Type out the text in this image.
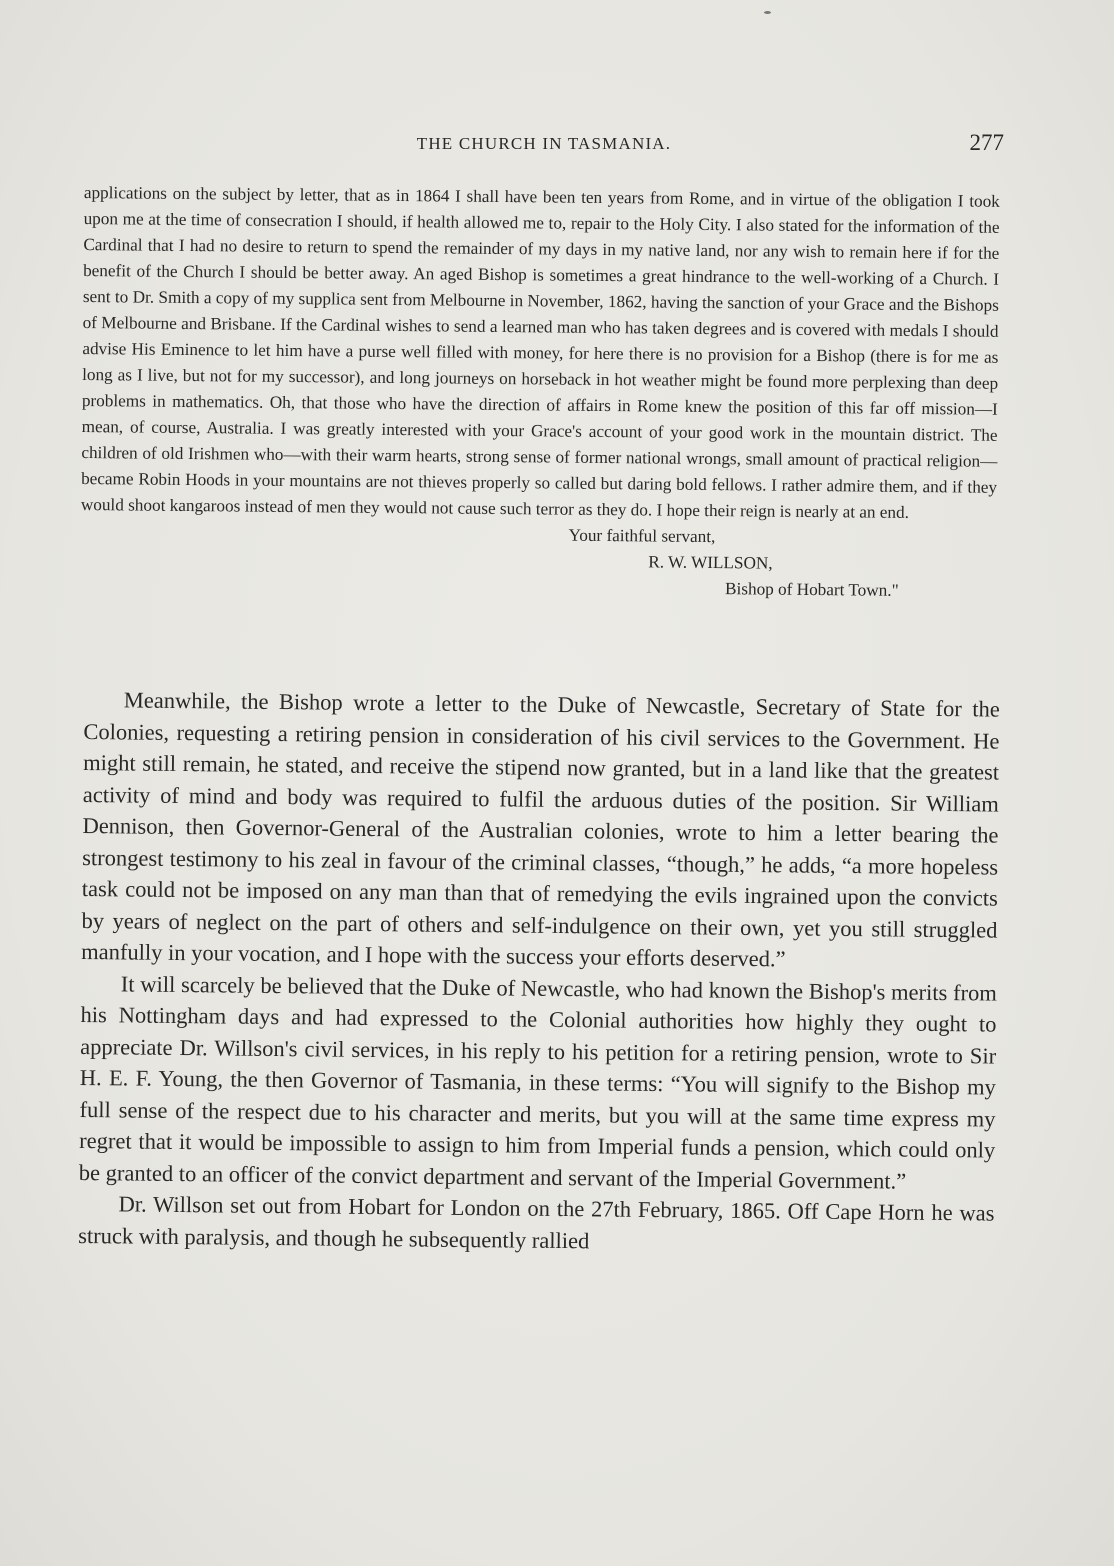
THE CHURCH IN TASMANIA.	277

applications on the subject by letter, that as in 1864 I shall have been ten years from Rome, and in virtue of the obligation I took upon me at the time of consecration I should, if health allowed me to, repair to the Holy City. I also stated for the information of the Cardinal that I had no desire to return to spend the remainder of my days in my native land, nor any wish to remain here if for the benefit of the Church I should be better away. An aged Bishop is sometimes a great hindrance to the well-working of a Church. I sent to Dr. Smith a copy of my supplica sent from Melbourne in November, 1862, having the sanction of your Grace and the Bishops of Melbourne and Brisbane. If the Cardinal wishes to send a learned man who has taken degrees and is covered with medals I should advise His Eminence to let him have a purse well filled with money, for here there is no provision for a Bishop (there is for me as long as I live, but not for my successor), and long journeys on horseback in hot weather might be found more perplexing than deep problems in mathematics. Oh, that those who have the direction of affairs in Rome knew the position of this far off mission—I mean, of course, Australia. I was greatly interested with your Grace's account of your good work in the mountain district. The children of old Irishmen who—with their warm hearts, strong sense of former national wrongs, small amount of practical religion—became Robin Hoods in your mountains are not thieves properly so called but daring bold fellows. I rather admire them, and if they would shoot kangaroos instead of men they would not cause such terror as they do. I hope their reign is nearly at an end.

Your faithful servant,
R. W. WILLSON,
Bishop of Hobart Town."

Meanwhile, the Bishop wrote a letter to the Duke of Newcastle, Secretary of State for the Colonies, requesting a retiring pension in consideration of his civil services to the Government. He might still remain, he stated, and receive the stipend now granted, but in a land like that the greatest activity of mind and body was required to fulfil the arduous duties of the position. Sir William Dennison, then Governor-General of the Australian colonies, wrote to him a letter bearing the strongest testimony to his zeal in favour of the criminal classes, “though,” he adds, “a more hopeless task could not be imposed on any man than that of remedying the evils ingrained upon the convicts by years of neglect on the part of others and self-indulgence on their own, yet you still struggled manfully in your vocation, and I hope with the success your efforts deserved.”

It will scarcely be believed that the Duke of Newcastle, who had known the Bishop's merits from his Nottingham days and had expressed to the Colonial authorities how highly they ought to appreciate Dr. Willson's civil services, in his reply to his petition for a retiring pension, wrote to Sir H. E. F. Young, the then Governor of Tasmania, in these terms: “You will signify to the Bishop my full sense of the respect due to his character and merits, but you will at the same time express my regret that it would be impossible to assign to him from Imperial funds a pension, which could only be granted to an officer of the convict department and servant of the Imperial Government.”

Dr. Willson set out from Hobart for London on the 27th February, 1865. Off Cape Horn he was struck with paralysis, and though he subsequently rallied
